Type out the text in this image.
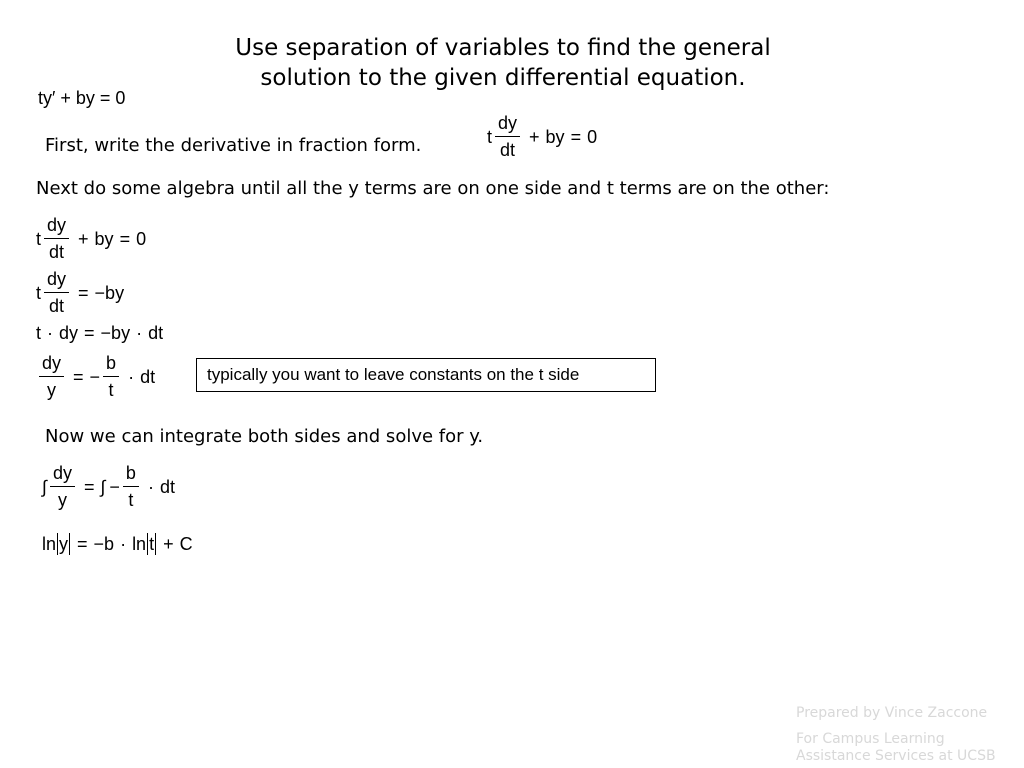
Use separation of variables to find the general
solution to the given differential equation.
ty′ + by = 0
First, write the derivative in fraction form.	t $\frac{dy}{dt}$ + by = 0
Next do some algebra until all the y terms are on one side and t terms are on the other:
t $\frac{dy}{dt}$ + by = 0
t $\frac{dy}{dt} = -by$
t · dy = −by · dt
$\frac{dy}{y}$ = − $\frac{b}{t}$ · dt	typically you want to leave constants on the t side
Now we can integrate both sides and solve for y.
∫ $\frac{dy}{y}$ = ∫ − $\frac{b}{t}$ · dt
ln y = −b · ln t + C
Prepared by Vince Zaccone
For Campus Learning
Assistance Services at UCSB
